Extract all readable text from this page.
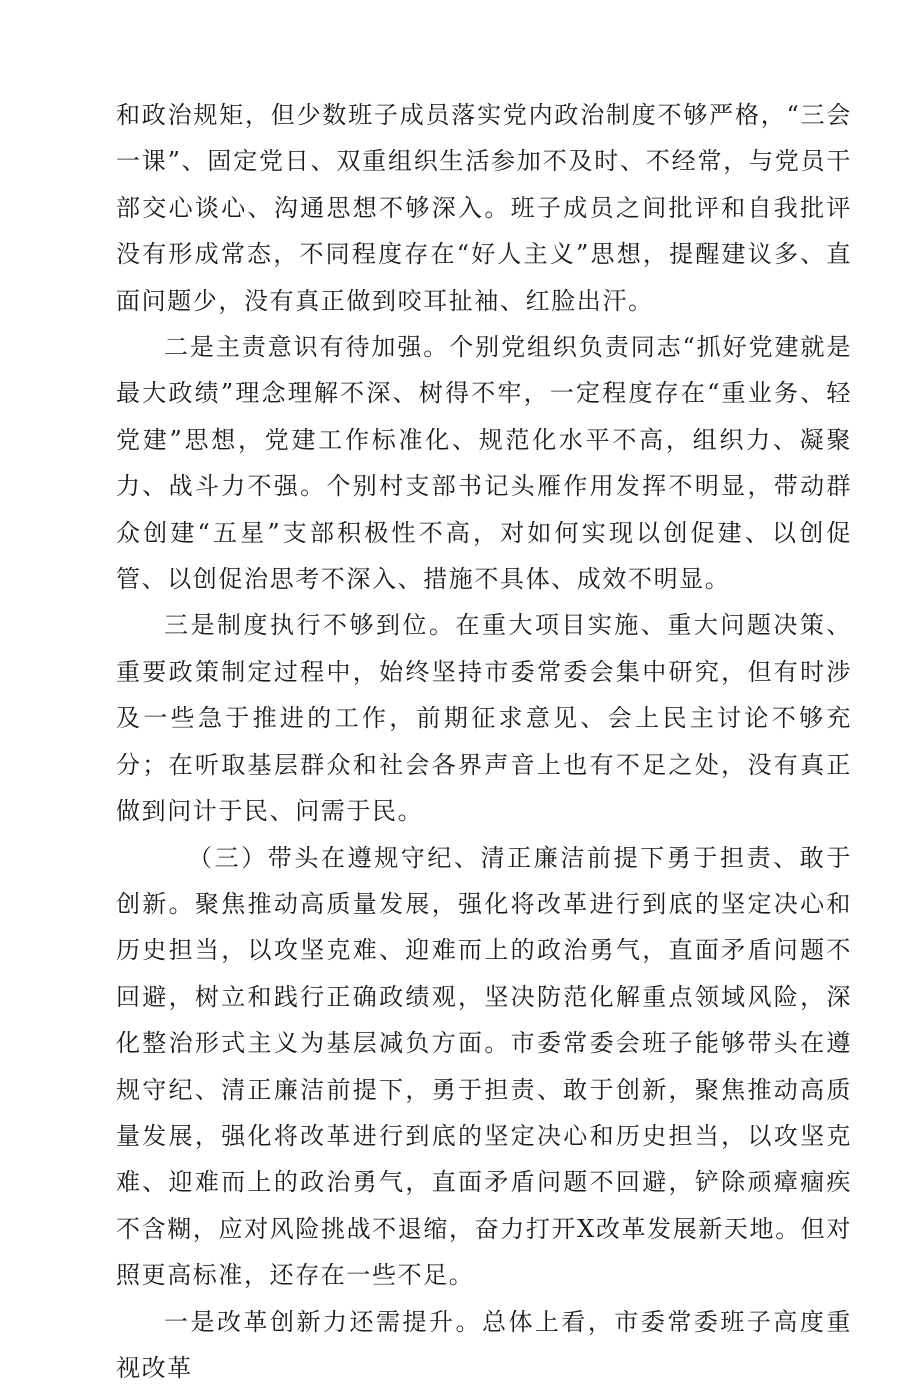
和政治规矩，但少数班子成员落实党内政治制度不够严格，“三会一课”、固定党日、双重组织生活参加不及时、不经常，与党员干部交心谈心、沟通思想不够深入。班子成员之间批评和自我批评没有形成常态，不同程度存在“好人主义”思想，提醒建议多、直面问题少，没有真正做到咬耳扯袖、红脸出汗。

二是主责意识有待加强。个别党组织负责同志“抓好党建就是最大政绩”理念理解不深、树得不牢，一定程度存在“重业务、轻党建”思想，党建工作标准化、规范化水平不高，组织力、凝聚力、战斗力不强。个别村支部书记头雁作用发挥不明显，带动群众创建“五星”支部积极性不高，对如何实现以创促建、以创促管、以创促治思考不深入、措施不具体、成效不明显。

三是制度执行不够到位。在重大项目实施、重大问题决策、重要政策制定过程中，始终坚持市委常委会集中研究，但有时涉及一些急于推进的工作，前期征求意见、会上民主讨论不够充分；在听取基层群众和社会各界声音上也有不足之处，没有真正做到问计于民、问需于民。

（三）带头在遵规守纪、清正廉洁前提下勇于担责、敢于创新。聚焦推动高质量发展，强化将改革进行到底的坚定决心和历史担当，以攻坚克难、迎难而上的政治勇气，直面矛盾问题不回避，树立和践行正确政绩观，坚决防范化解重点领域风险，深化整治形式主义为基层减负方面。市委常委会班子能够带头在遵规守纪、清正廉洁前提下，勇于担责、敢于创新，聚焦推动高质量发展，强化将改革进行到底的坚定决心和历史担当，以攻坚克难、迎难而上的政治勇气，直面矛盾问题不回避，铲除顽瘴痼疾不含糊，应对风险挑战不退缩，奋力打开X改革发展新天地。但对照更高标准，还存在一些不足。

一是改革创新力还需提升。总体上看，市委常委班子高度重视改革
